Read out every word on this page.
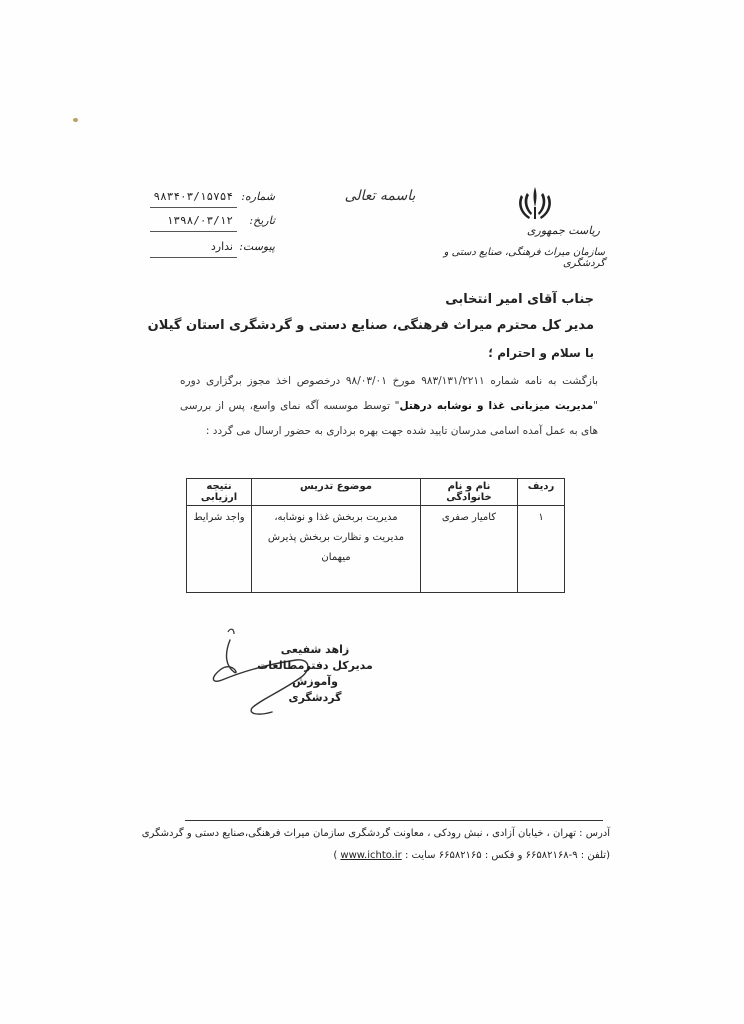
ریاست جمهوری
سازمان میراث فرهنگی، صنایع دستی و گردشگری
باسمه تعالی
شماره:
۹۸۳۴۰۳/۱۵۷۵۴
تاریخ:
۱۳۹۸/۰۳/۱۲
پیوست:
ندارد
جناب آقای امیر انتخابی
مدیر کل محترم میراث فرهنگی، صنایع دستی و گردشگری استان گیلان
با سلام و احترام ؛
بازگشت به نامه شماره ۹۸۳/۱۳۱/۲۲۱۱ مورخ ۹۸/۰۳/۰۱ درخصوص اخذ مجوز برگزاری دوره "مدیریت میزبانی غذا و نوشابه درهتل" توسط موسسه آگه نمای واسع، پس از بررسی های به عمل آمده اسامی مدرسان تایید شده جهت بهره برداری به حضور ارسال می گردد :
ردیف	نام و نام خانوادگی	موضوع تدریس	نتیجه ارزیابی
۱	کامیار صفری	مدیریت بربخش غذا و نوشابه،
مدیریت و نظارت بربخش پذیرش
میهمان	واجد شرایط
زاهد شفیعی
مدیرکل دفترمطالعات وآموزش
گردشگری
آدرس : تهران ، خیابان آزادی ، نبش رودکی ، معاونت گردشگری سازمان میراث فرهنگی،صنایع دستی و گردشگری
(تلفن : ۹-۶۶۵۸۲۱۶۸ و فکس : ۶۶۵۸۲۱۶۵ سایت : www.ichto.ir )
